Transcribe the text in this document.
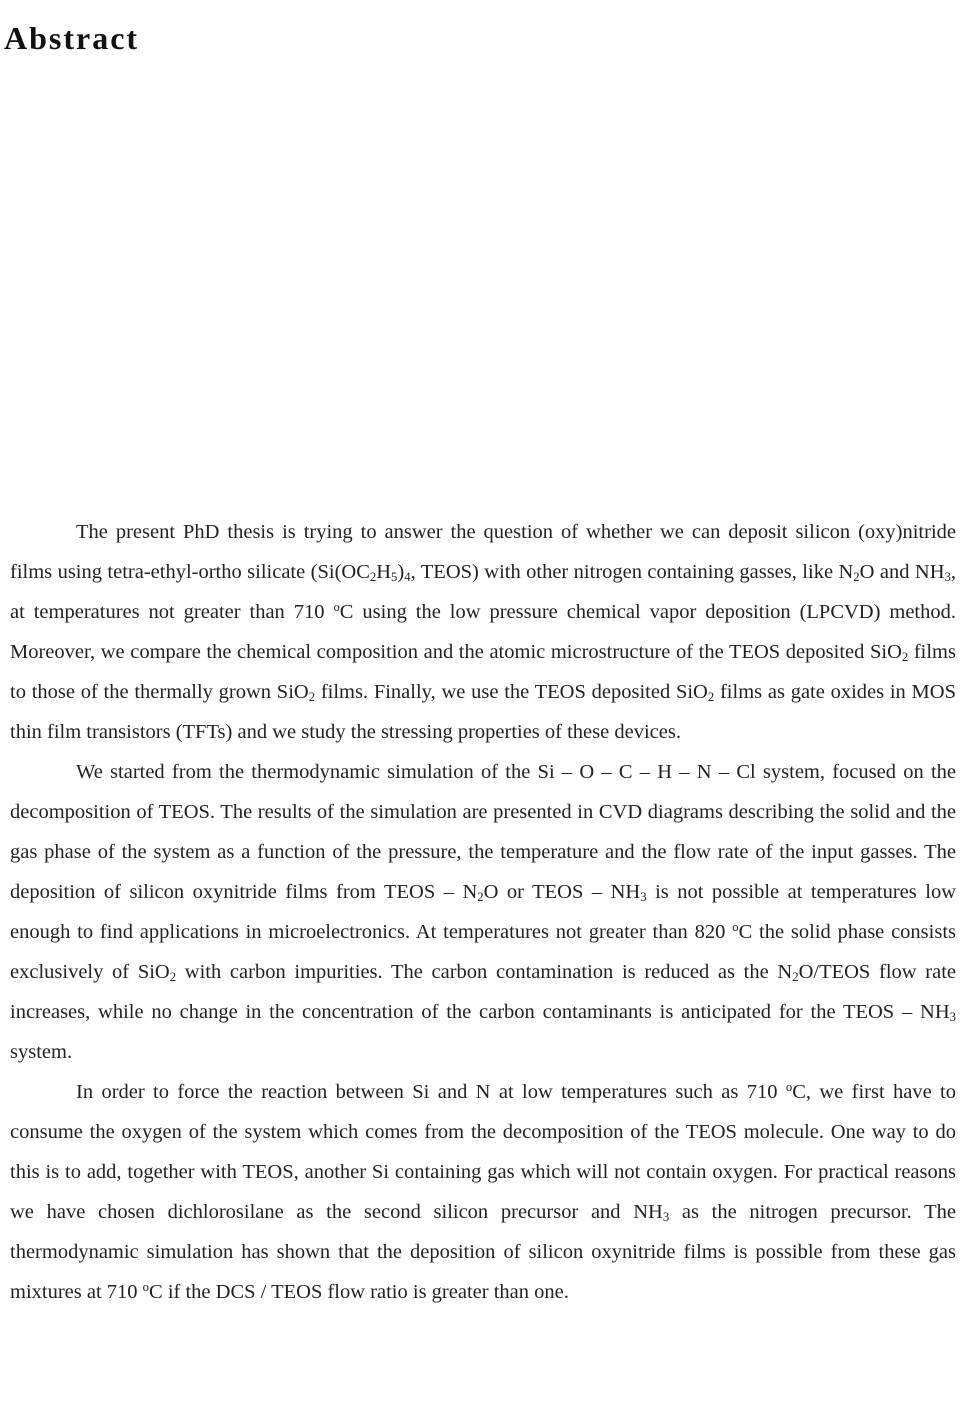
Abstract

The present PhD thesis is trying to answer the question of whether we can deposit silicon (oxy)nitride films using tetra-ethyl-ortho silicate ($Si(OC_2H_5)_4$, TEOS) with other nitrogen containing gasses, like $N_2O$ and $NH_3$, at temperatures not greater than 710 $^o$C using the low pressure chemical vapor deposition (LPCVD) method. Moreover, we compare the chemical composition and the atomic microstructure of the TEOS deposited SiO$_2$ films to those of the thermally grown SiO$_2$ films. Finally, we use the TEOS deposited SiO$_2$ films as gate oxides in MOS thin film transistors (TFTs) and we study the stressing properties of these devices.

We started from the thermodynamic simulation of the Si – O – C – H – N – Cl system, focused on the decomposition of TEOS. The results of the simulation are presented in CVD diagrams describing the solid and the gas phase of the system as a function of the pressure, the temperature and the flow rate of the input gasses. The deposition of silicon oxynitride films from TEOS – $N_2O$ or TEOS – $NH_3$ is not possible at temperatures low enough to find applications in microelectronics. At temperatures not greater than 820 $^o$C the solid phase consists exclusively of SiO$_2$ with carbon impurities. The carbon contamination is reduced as the $N_2O$/TEOS flow rate increases, while no change in the concentration of the carbon contaminants is anticipated for the TEOS – $NH_3$ system.

In order to force the reaction between Si and N at low temperatures such as 710 $^o$C, we first have to consume the oxygen of the system which comes from the decomposition of the TEOS molecule. One way to do this is to add, together with TEOS, another Si containing gas which will not contain oxygen. For practical reasons we have chosen dichlorosilane as the second silicon precursor and $NH_3$ as the nitrogen precursor. The thermodynamic simulation has shown that the deposition of silicon oxynitride films is possible from these gas mixtures at 710 $^o$C if the DCS / TEOS flow ratio is greater than one.
